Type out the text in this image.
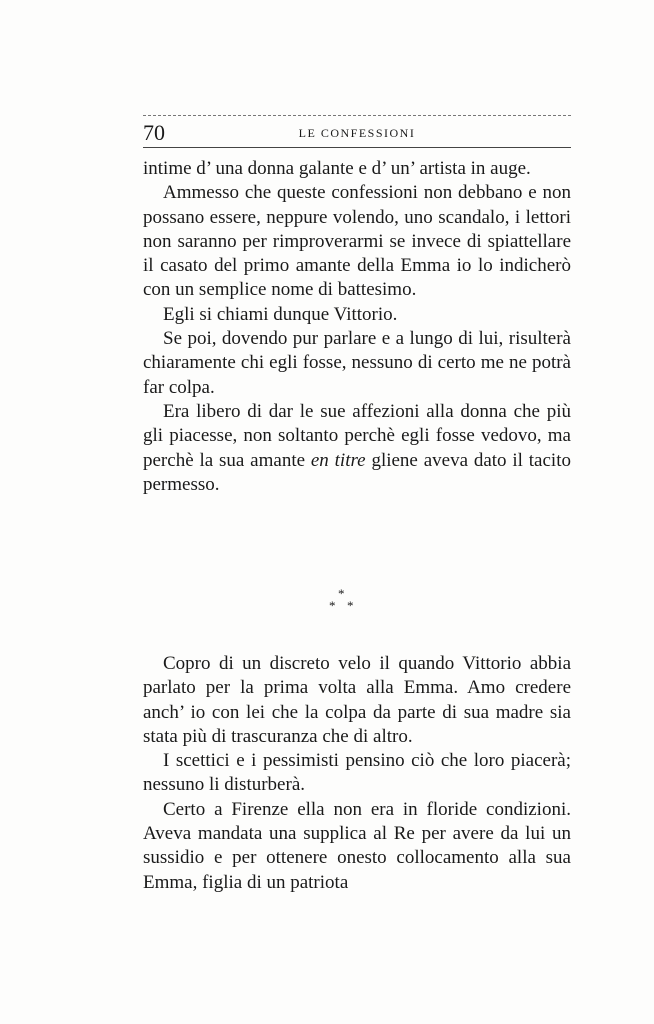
70	LE CONFESSIONI

intime d’ una donna galante e d’ un’ artista in auge.

Ammesso che queste confessioni non debbano e non possano essere, neppure volendo, uno scandalo, i lettori non saranno per rimproverarmi se invece di spiattellare il casato del primo amante della Emma io lo indicherò con un semplice nome di battesimo.

Egli si chiami dunque Vittorio.

Se poi, dovendo pur parlare e a lungo di lui, risulterà chiaramente chi egli fosse, nessuno di certo me ne potrà far colpa.

Era libero di dar le sue affezioni alla donna che più gli piacesse, non soltanto perchè egli fosse vedovo, ma perchè la sua amante en titre gliene aveva dato il tacito permesso.

*
* *

Copro di un discreto velo il quando Vittorio abbia parlato per la prima volta alla Emma. Amo credere anch’ io con lei che la colpa da parte di sua madre sia stata più di trascuranza che di altro.

I scettici e i pessimisti pensino ciò che loro piacerà; nessuno li disturberà.

Certo a Firenze ella non era in floride condizioni. Aveva mandata una supplica al Re per avere da lui un sussidio e per ottenere onesto collocamento alla sua Emma, figlia di un patriota
